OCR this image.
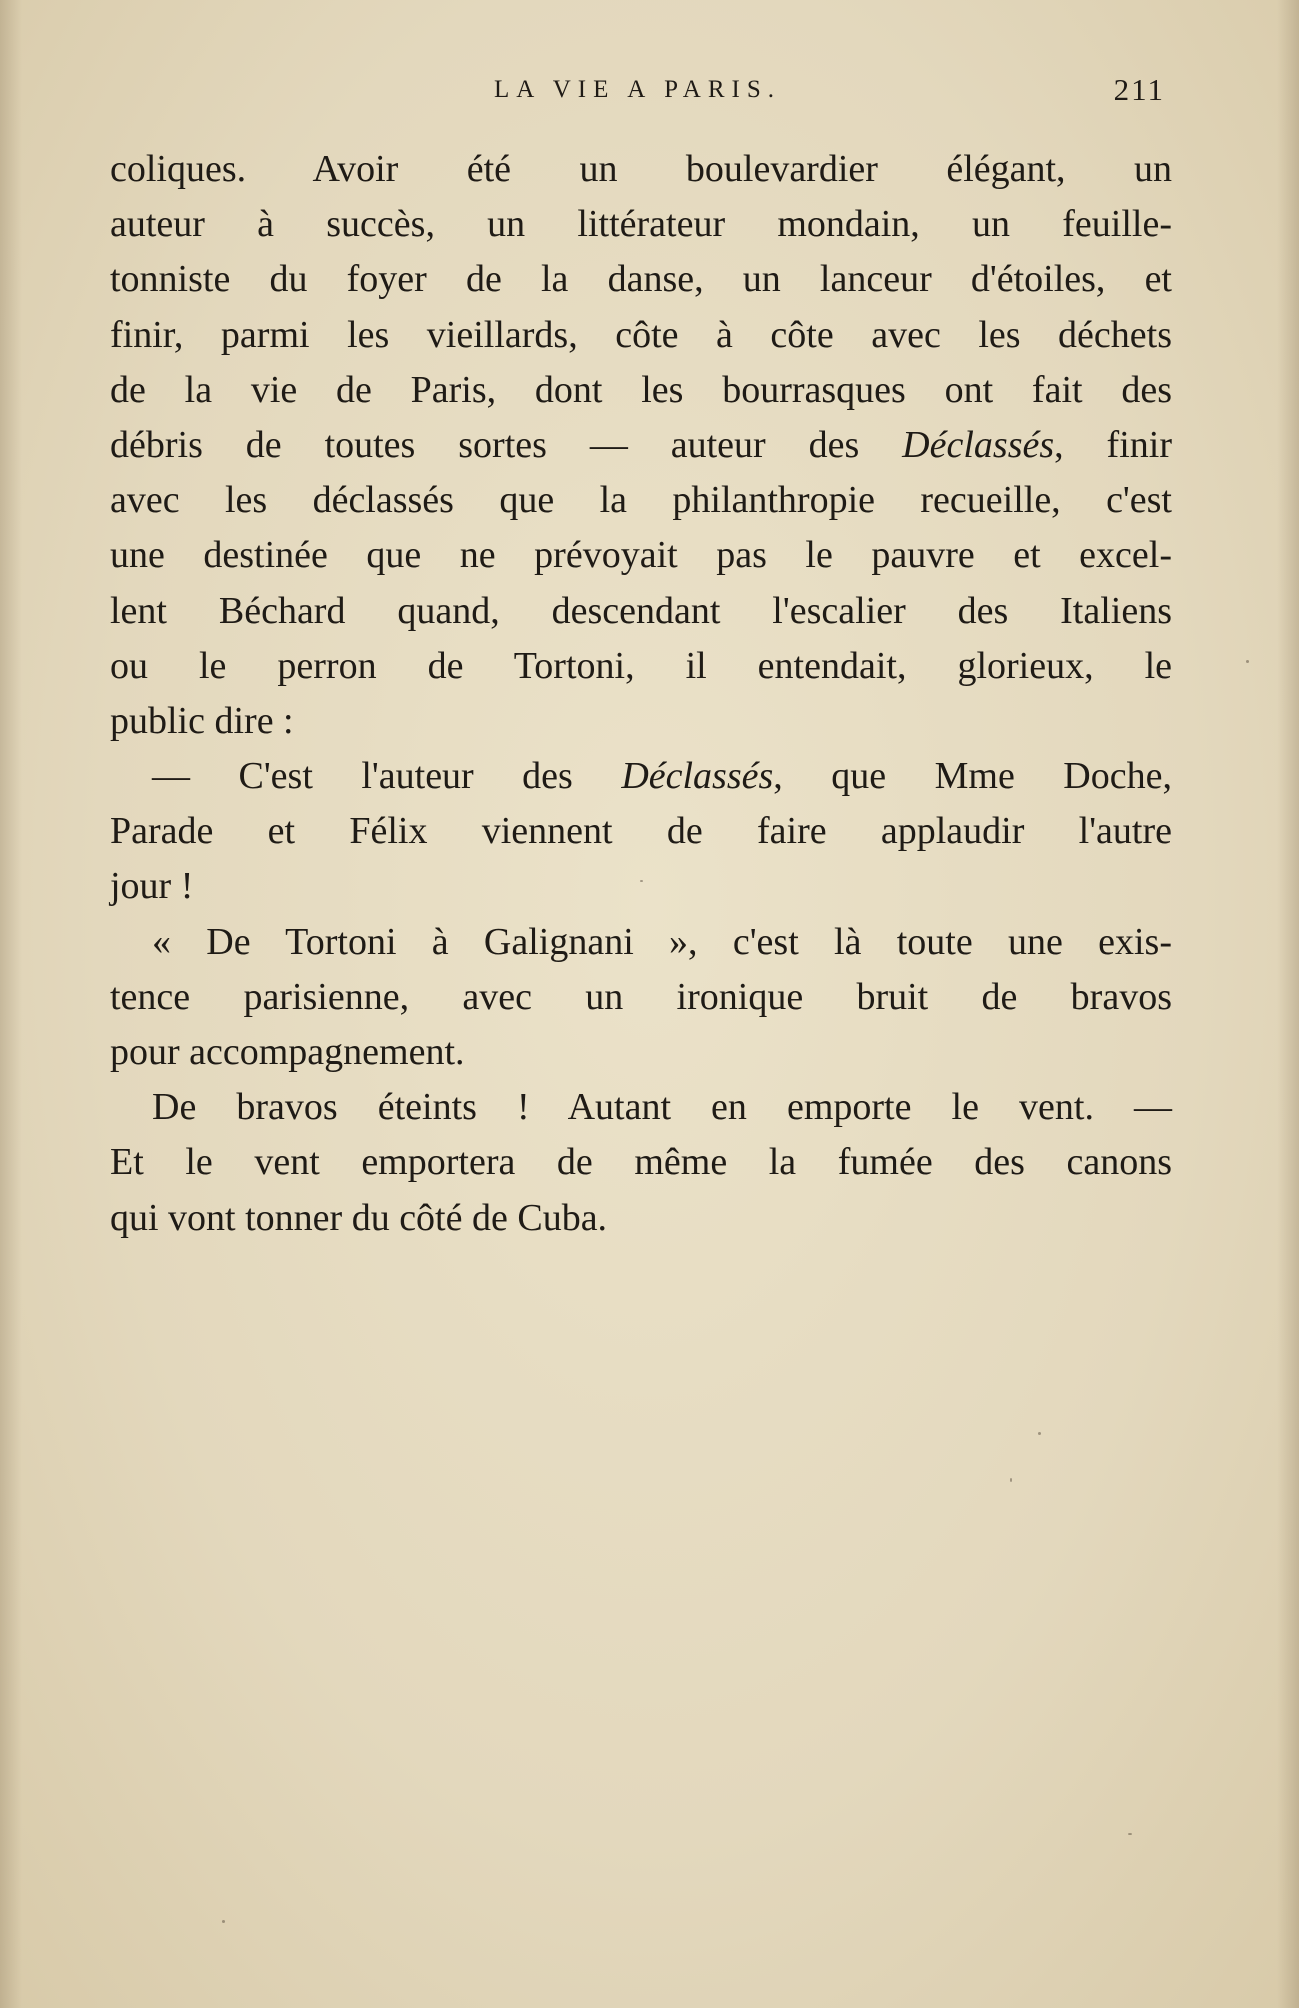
LA VIE A PARIS.	211
coliques. Avoir été un boulevardier élégant, un
auteur à succès, un littérateur mondain, un feuille-
tonniste du foyer de la danse, un lanceur d'étoiles, et
finir, parmi les vieillards, côte à côte avec les déchets
de la vie de Paris, dont les bourrasques ont fait des
débris de toutes sortes — auteur des Déclassés, finir
avec les déclassés que la philanthropie recueille, c'est
une destinée que ne prévoyait pas le pauvre et excel-
lent Béchard quand, descendant l'escalier des Italiens
ou le perron de Tortoni, il entendait, glorieux, le
public dire :
— C'est l'auteur des Déclassés, que Mme Doche,
Parade et Félix viennent de faire applaudir l'autre
jour !
« De Tortoni à Galignani », c'est là toute une exis-
tence parisienne, avec un ironique bruit de bravos
pour accompagnement.
De bravos éteints ! Autant en emporte le vent. —
Et le vent emportera de même la fumée des canons
qui vont tonner du côté de Cuba.
